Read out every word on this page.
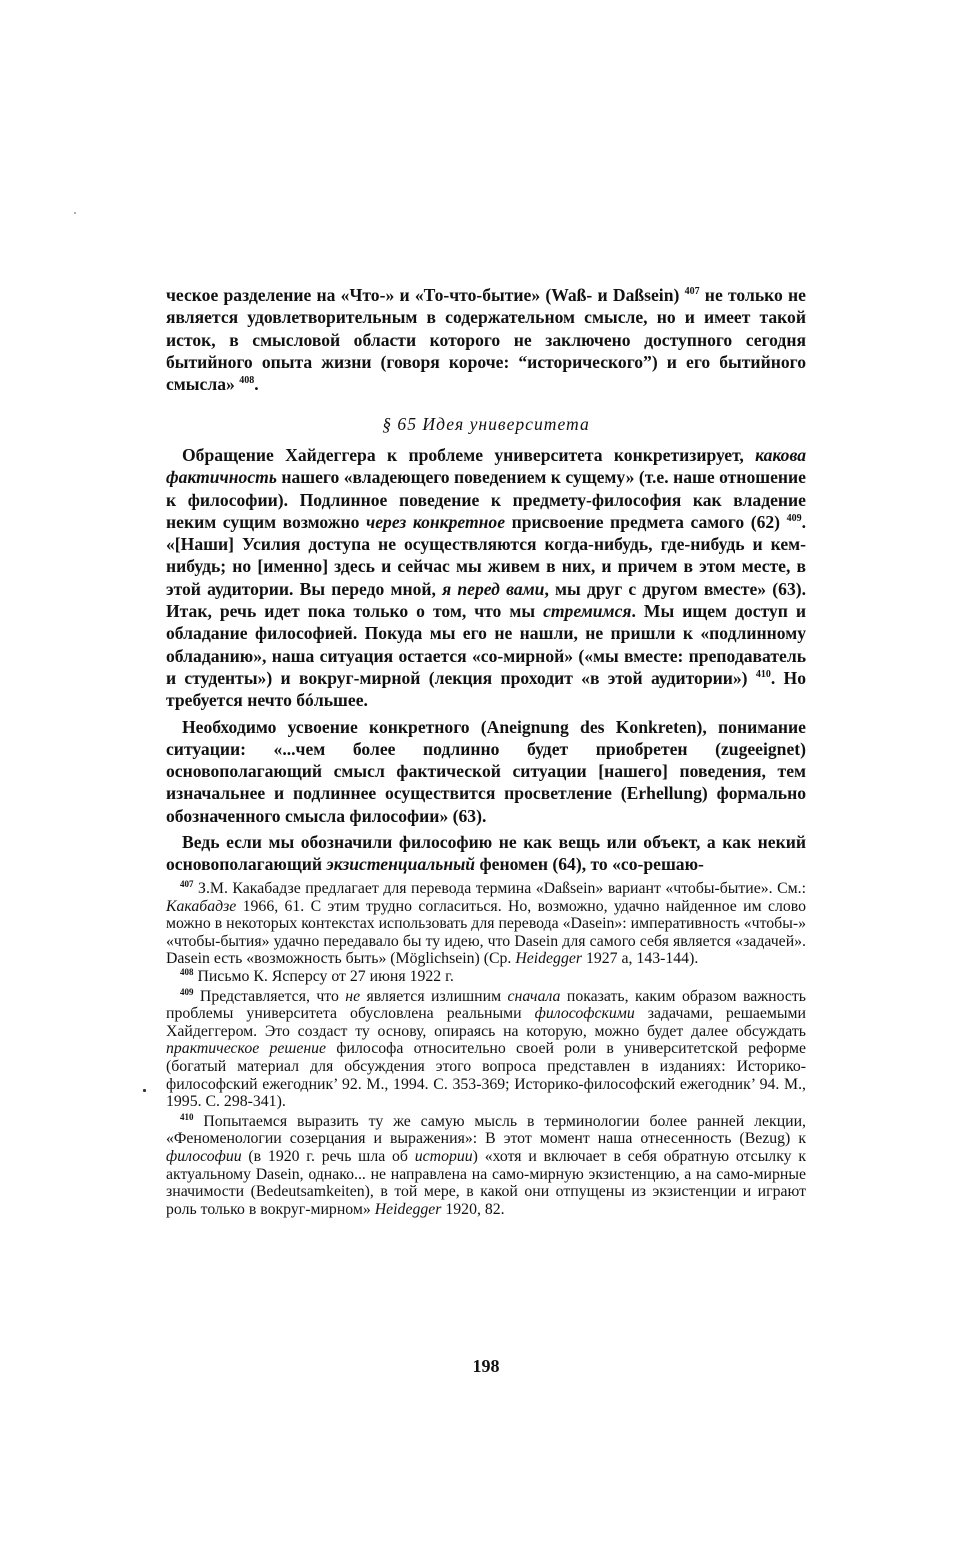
ческое разделение на «Что-» и «То-что-бытие» (Waß- и Daßsein) $^{407}$ не только не является удовлетворительным в содержательном смысле, но и имеет такой исток, в смысловой области которого не заключено доступного сегодня бытийного опыта жизни (говоря короче: “исторического”) и его бытийного смысла» $^{408}$.

§ 65 Идея университета

Обращение Хайдеггера к проблеме университета конкретизирует, какова фактичность нашего «владеющего поведением к сущему» (т.е. наше отношение к философии). Подлинное поведение к предмету-философия как владение неким сущим возможно через конкретное присвоение предмета самого (62) $^{409}$. «[Наши] Усилия доступа не осуществляются когда-нибудь, где-нибудь и кем-нибудь; но [именно] здесь и сейчас мы живем в них, и причем в этом месте, в этой аудитории. Вы передо мной, я перед вами, мы друг с другом вместе» (63). Итак, речь идет пока только о том, что мы стремимся. Мы ищем доступ и обладание философией. Покуда мы его не нашли, не пришли к «подлинному обладанию», наша ситуация остается «со-мирной» («мы вместе: преподаватель и студенты») и вокруг-мирной (лекция проходит «в этой аудитории») $^{410}$. Но требуется нечто бóльшее.

Необходимо усвоение конкретного (Aneignung des Konkreten), понимание ситуации: «...чем более подлинно будет приобретен (zugeeignet) основополагающий смысл фактической ситуации [нашего] поведения, тем изначальнее и подлиннее осуществится просветление (Erhellung) формально обозначенного смысла философии» (63).

Ведь если мы обозначили философию не как вещь или объект, а как некий основополагающий экзистенциальный феномен (64), то «со-решаю-

$^{407}$ З.М. Какабадзе предлагает для перевода термина «Daßsein» вариант «чтобы-бытие». См.: Какабадзе 1966, 61. С этим трудно согласиться. Но, возможно, удачно найденное им слово можно в некоторых контекстах использовать для перевода «Dasein»: императивность «чтобы-» «чтобы-бытия» удачно передавало бы ту идею, что Dasein для самого себя является «задачей». Dasein есть «возможность быть» (Möglichsein) (Ср. Heidegger 1927 а, 143-144).

$^{408}$ Письмо К. Ясперсу от 27 июня 1922 г.

$^{409}$ Представляется, что не является излишним сначала показать, каким образом важность проблемы университета обусловлена реальными философскими задачами, решаемыми Хайдеггером. Это создаст ту основу, опираясь на которую, можно будет далее обсуждать практическое решение философа относительно своей роли в университетской реформе (богатый материал для обсуждения этого вопроса представлен в изданиях: Историко-философский ежегодник’ 92. М., 1994. С. 353-369; Историко-философский ежегодник’ 94. М., 1995. С. 298-341).

$^{410}$ Попытаемся выразить ту же самую мысль в терминологии более ранней лекции, «Феноменологии созерцания и выражения»: В этот момент наша отнесенность (Bezug) к философии (в 1920 г. речь шла об истории) «хотя и включает в себя обратную отсылку к актуальному Dasein, однако... не направлена на само-мирную экзистенцию, а на само-мирные значимости (Bedeutsamkeiten), в той мере, в какой они отпущены из экзистенции и играют роль только в вокруг-мирном» Heidegger 1920, 82.

198
